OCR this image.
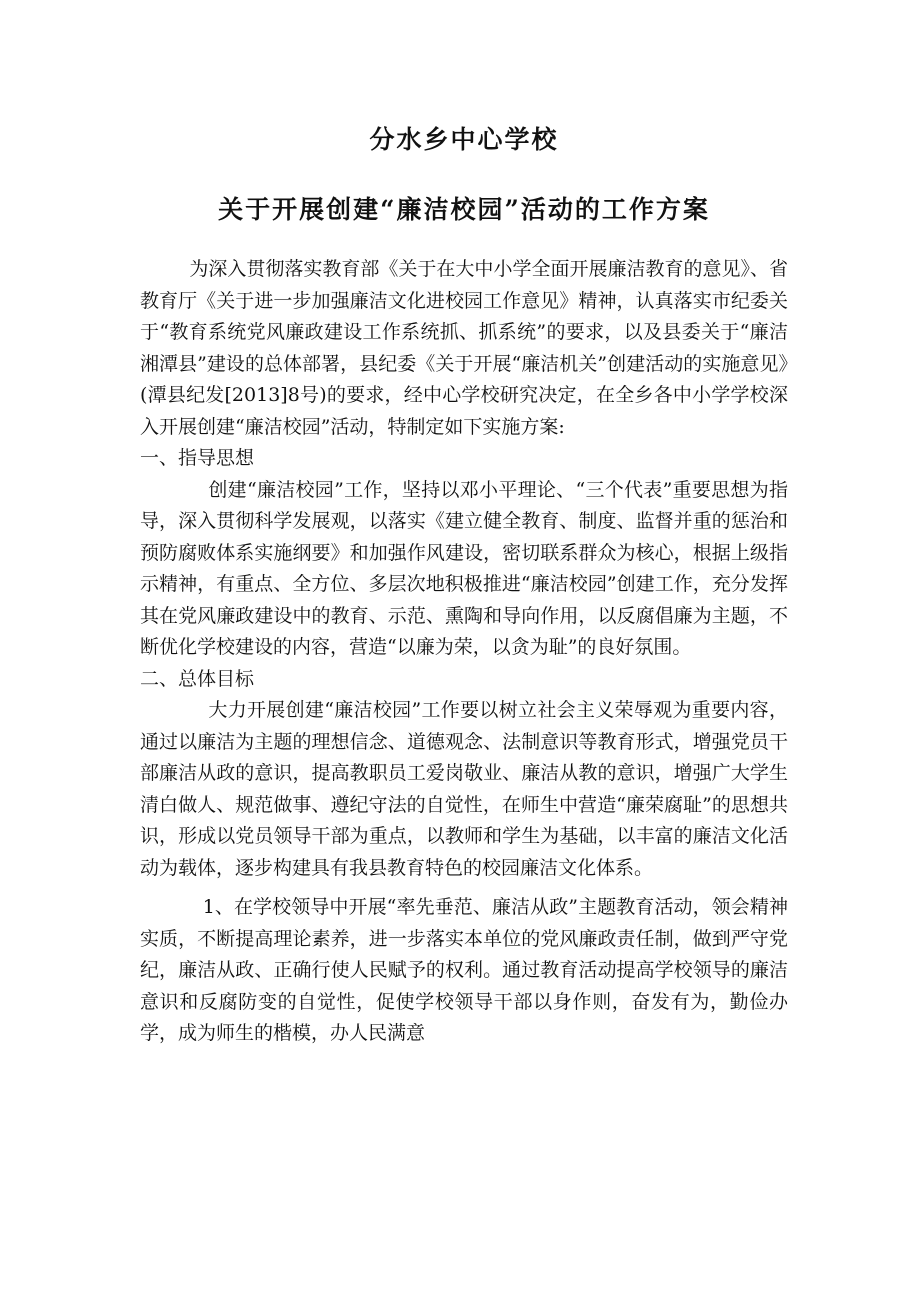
分水乡中心学校
关于开展创建“廉洁校园”活动的工作方案

为深入贯彻落实教育部《关于在大中小学全面开展廉洁教育的意见》、省教育厅《关于进一步加强廉洁文化进校园工作意见》精神，认真落实市纪委关于“教育系统党风廉政建设工作系统抓、抓系统”的要求，以及县委关于“廉洁湘潭县”建设的总体部署，县纪委《关于开展“廉洁机关”创建活动的实施意见》(潭县纪发[2013]8号)的要求，经中心学校研究决定，在全乡各中小学学校深入开展创建“廉洁校园”活动，特制定如下实施方案:

一、指导思想

创建“廉洁校园”工作，坚持以邓小平理论、“三个代表”重要思想为指导，深入贯彻科学发展观，以落实《建立健全教育、制度、监督并重的惩治和预防腐败体系实施纲要》和加强作风建设，密切联系群众为核心，根据上级指示精神，有重点、全方位、多层次地积极推进“廉洁校园”创建工作，充分发挥其在党风廉政建设中的教育、示范、熏陶和导向作用，以反腐倡廉为主题，不断优化学校建设的内容，营造“以廉为荣，以贪为耻”的良好氛围。

二、总体目标

大力开展创建“廉洁校园”工作要以树立社会主义荣辱观为重要内容，通过以廉洁为主题的理想信念、道德观念、法制意识等教育形式，增强党员干部廉洁从政的意识，提高教职员工爱岗敬业、廉洁从教的意识，增强广大学生清白做人、规范做事、遵纪守法的自觉性，在师生中营造“廉荣腐耻”的思想共识，形成以党员领导干部为重点，以教师和学生为基础，以丰富的廉洁文化活动为载体，逐步构建具有我县教育特色的校园廉洁文化体系。

1、在学校领导中开展“率先垂范、廉洁从政”主题教育活动，领会精神实质，不断提高理论素养，进一步落实本单位的党风廉政责任制，做到严守党纪，廉洁从政、正确行使人民赋予的权利。通过教育活动提高学校领导的廉洁意识和反腐防变的自觉性，促使学校领导干部以身作则，奋发有为，勤俭办学，成为师生的楷模，办人民满意
